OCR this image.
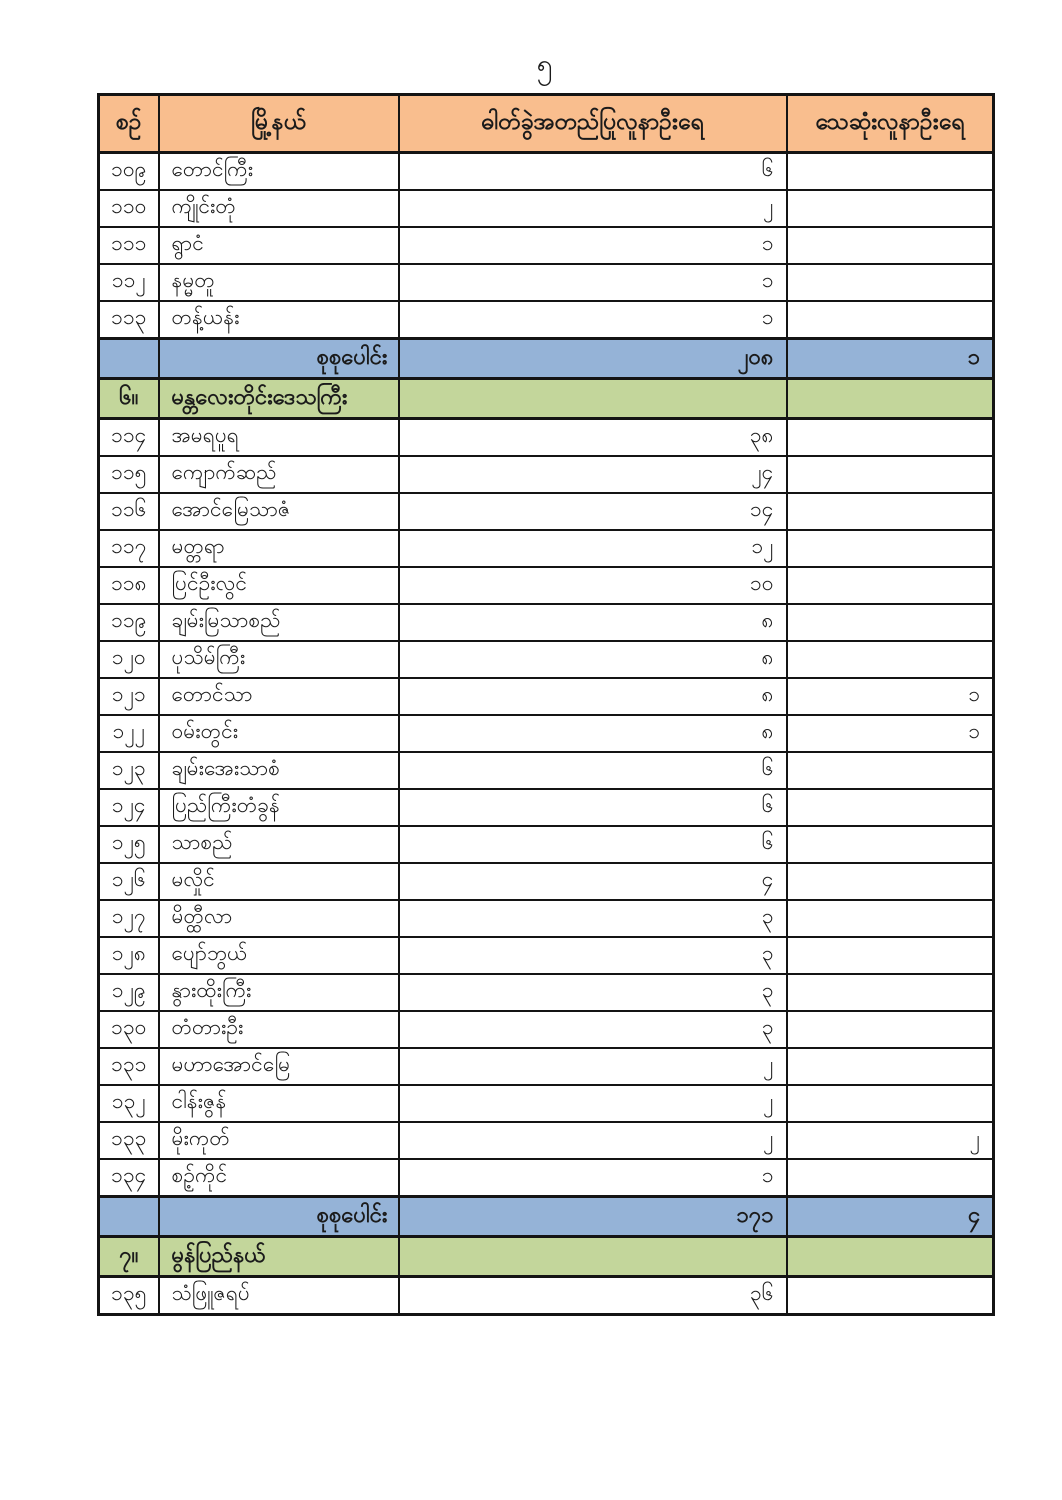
၅
စဉ်	မြို့နယ်	ဓါတ်ခွဲအတည်ပြုလူနာဦးရေ	သေဆုံးလူနာဦးရေ
၁၀၉	တောင်ကြီး	၆	
၁၁၀	ကျိုင်းတုံ	၂	
၁၁၁	ရွာငံ	၁	
၁၁၂	နမ္မတူ	၁	
၁၁၃	တန့်ယန်း	၁	
	စုစုပေါင်း	၂၀၈	၁
၆။	မန္တလေးတိုင်းဒေသကြီး		
၁၁၄	အမရပူရ	၃၈	
၁၁၅	ကျောက်ဆည်	၂၄	
၁၁၆	အောင်မြေသာဇံ	၁၄	
၁၁၇	မတ္တရာ	၁၂	
၁၁၈	ပြင်ဦးလွင်	၁၀	
၁၁၉	ချမ်းမြသာစည်	၈	
၁၂၀	ပုသိမ်ကြီး	၈	
၁၂၁	တောင်သာ	၈	၁
၁၂၂	ဝမ်းတွင်း	၈	၁
၁၂၃	ချမ်းအေးသာစံ	၆	
၁၂၄	ပြည်ကြီးတံခွန်	၆	
၁၂၅	သာစည်	၆	
၁၂၆	မလှိုင်	၄	
၁၂၇	မိတ္ထီလာ	၃	
၁၂၈	ပျော်ဘွယ်	၃	
၁၂၉	နွားထိုးကြီး	၃	
၁၃၀	တံတားဦး	၃	
၁၃၁	မဟာအောင်မြေ	၂	
၁၃၂	ငါန်းဇွန်	၂	
၁၃၃	မိုးကုတ်	၂	၂
၁၃၄	စဉ့်ကိုင်	၁	
	စုစုပေါင်း	၁၇၁	၄
၇။	မွန်ပြည်နယ်		
၁၃၅	သံဖြူဇရပ်	၃၆	
